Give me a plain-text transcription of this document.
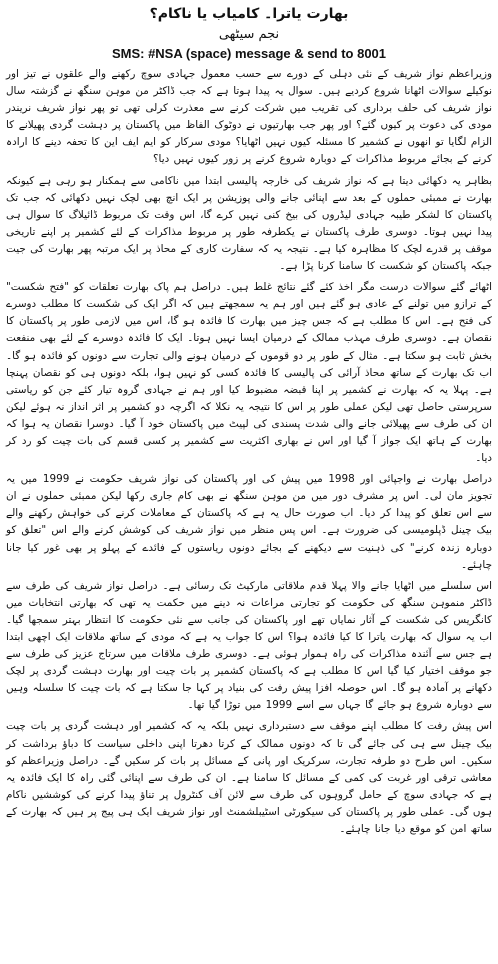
بھارت یاترا۔ کامیاب یا ناکام؟
نجم سیٹھی
SMS: #NSA (space) message & send to 8001

وزیراعظم نواز شریف کے نئی دہلی کے دورے سے حسب معمول جہادی سوچ رکھنے والے علقوں نے تیز اور نوکیلے سوالات اٹھانا شروع کردیے ہیں۔ سوال یہ پیدا ہوتا ہے کہ جب ڈاکٹر من موہن سنگھ نے گزشتہ سال نواز شریف کی حلف برداری کی تقریب میں شرکت کرنے سے معذرت کرلی تھی تو پھر نواز شریف نریندر مودی کی دعوت پر کیوں گئے؟ اور پھر جب بھارتیوں نے دوٹوک الفاظ میں پاکستان پر دہشت گردی پھیلانے کا الزام لگایا تو انھوں نے کشمیر کا مسئلہ کیوں نہیں اٹھایا؟ مودی سرکار کو ایم ایف این کا تحفہ دینے کا ارادہ کرنے کے بجائے مربوط مذاکرات کے دوبارہ شروع کرنے پر زور کیوں نہیں دیا؟

بظاہر یہ دکھائی دیتا ہے کہ نواز شریف کی خارجہ پالیسی ابتدا میں ناکامی سے ہمکنار ہو رہی ہے کیونکہ بھارت نے ممبئی حملوں کے بعد سے اپنائی جانے والی پوزیشن پر ایک انچ بھی لچک نہیں دکھائی کہ جب تک پاکستان کا لشکر طیبہ جہادی لیڈروں کی بیخ کنی نہیں کرے گا، اس وقت تک مربوط ڈائیلاگ کا سوال ہی پیدا نہیں ہوتا۔ دوسری طرف پاکستان نے یکطرفہ طور پر مربوط مذاکرات کے لئے کشمیر پر اپنے تاریخی موقف پر قدرے لچک کا مظاہرہ کیا ہے۔ نتیجہ یہ کہ سفارت کاری کے محاذ پر ایک مرتبہ پھر بھارت کی جیت جبکہ پاکستان کو شکست کا سامنا کرنا پڑا ہے۔

اٹھائے گئے سوالات درست مگر اخذ کئے گئے نتائج غلط ہیں۔ دراصل ہم پاک بھارت تعلقات کو "فتح شکست" کے ترازو میں تولنے کے عادی ہو گئے ہیں اور ہم یہ سمجھتے ہیں کہ اگر ایک کی شکست کا مطلب دوسرے کی فتح ہے۔ اس کا مطلب ہے کہ جس چیز میں بھارت کا فائدہ ہو گا، اس میں لازمی طور پر پاکستان کا نقصان ہے۔ دوسری طرف مہذب ممالک کے درمیان ایسا نہیں ہوتا۔ ایک کا فائدہ دوسرے کے لئے بھی منفعت بخش ثابت ہو سکتا ہے۔ مثال کے طور پر دو قوموں کے درمیان ہونے والی تجارت سے دونوں کو فائدہ ہو گا۔ اب تک بھارت کے ساتھ محاذ آرائی کی پالیسی کا فائدہ کسی کو نہیں ہوا، بلکہ دونوں ہی کو نقصان پہنچا ہے۔ پہلا یہ کہ بھارت نے کشمیر پر اپنا قبضہ مضبوط کیا اور ہم نے جہادی گروہ تیار کئے جن کو ریاستی سرپرستی حاصل تھی لیکن عملی طور پر اس کا نتیجہ یہ نکلا کہ اگرچہ دو کشمیر پر اثر انداز نہ ہوئے لیکن ان کی طرف سے پھیلائی جانے والی شدت پسندی کی لپیٹ میں پاکستان خود آ گیا۔ دوسرا نقصان یہ ہوا کہ بھارت کے ہاتھ ایک جواز آ گیا اور اس نے بھاری اکثریت سے کشمیر پر کسی قسم کی بات چیت کو رد کر دیا۔

دراصل بھارت نے واجپائی اور 1998 میں پیش کی اور پاکستان کی نواز شریف حکومت نے 1999 میں یہ تجویز مان لی۔ اس پر مشرف دور میں من موہن سنگھ نے بھی کام جاری رکھا لیکن ممبئی حملوں نے ان سے اس تعلق کو پیدا کر دیا۔ اب صورت حال یہ ہے کہ پاکستان کے معاملات کرنے کی خواہش رکھنے والے بیک چینل ڈپلومیسی کی ضرورت ہے۔ اس پس منظر میں نواز شریف کی کوشش کرنے والے اس "تعلق کو دوبارہ زندہ کرنے" کی ذہنیت سے دیکھنے کے بجائے دونوں ریاستوں کے فائدے کے پہلو پر بھی غور کیا جانا چاہئے۔

اس سلسلے میں اٹھایا جانے والا پہلا قدم ملاقاتی مارکیٹ تک رسائی ہے۔ دراصل نواز شریف کی طرف سے ڈاکٹر منموہن سنگھ کی حکومت کو تجارتی مراعات نہ دینے میں حکمت یہ تھی کہ بھارتی انتخابات میں کانگریس کی شکست کے آثار نمایاں تھے اور پاکستان کی جانب سے نئی حکومت کا انتظار بہتر سمجھا گیا۔ اب یہ سوال کہ بھارت یاترا کا کیا فائدہ ہوا؟ اس کا جواب یہ ہے کہ مودی کے ساتھ ملاقات ایک اچھی ابتدا ہے جس سے آئندہ مذاکرات کی راہ ہموار ہوئی ہے۔ دوسری طرف ملاقات میں سرتاج عزیز کی طرف سے جو موقف اختیار کیا گیا اس کا مطلب ہے کہ پاکستان کشمیر پر بات چیت اور بھارت دہشت گردی پر لچک دکھانے پر آمادہ ہو گا۔ اس حوصلہ افزا پیش رفت کی بنیاد پر کہا جا سکتا ہے کہ بات چیت کا سلسلہ وہیں سے دوبارہ شروع ہو جائے گا جہاں سے اسے 1999 میں توڑا گیا تھا۔

اس پیش رفت کا مطلب اپنے موقف سے دستبرداری نہیں بلکہ یہ کہ کشمیر اور دہشت گردی پر بات چیت بیک چینل سے ہی کی جائے گی تا کہ دونوں ممالک کے کرتا دھرتا اپنی داخلی سیاست کا دباؤ برداشت کر سکیں۔ اس طرح دو طرفہ تجارت، سرکریک اور پانی کے مسائل پر بات کر سکیں گے۔ دراصل وزیراعظم کو معاشی ترقی اور غربت کی کمی کے مسائل کا سامنا ہے۔ ان کی طرف سے اپنائی گئی راہ کا ایک فائدہ یہ ہے کہ جہادی سوچ کے حامل گروہوں کی طرف سے لائن آف کنٹرول پر تناؤ پیدا کرنے کی کوششیں ناکام ہوں گی۔ عملی طور پر پاکستان کی سیکورٹی اسٹیبلشمنٹ اور نواز شریف ایک ہی پیج پر ہیں کہ بھارت کے ساتھ امن کو موقع دیا جانا چاہئے۔
